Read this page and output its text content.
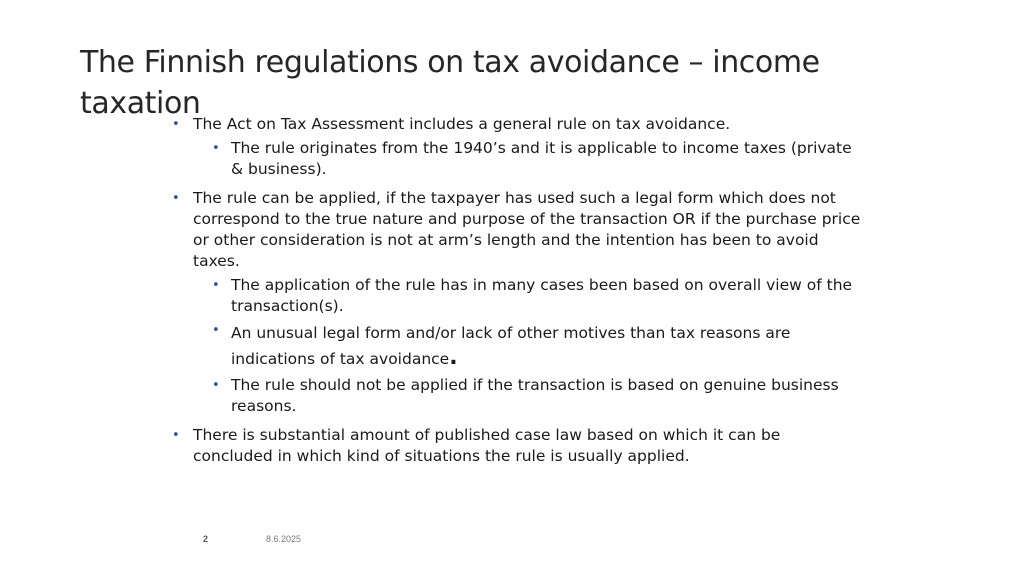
The Finnish regulations on tax avoidance – income taxation
• The Act on Tax Assessment includes a general rule on tax avoidance.
• The rule originates from the 1940’s and it is applicable to income taxes (private & business).
• The rule can be applied, if the taxpayer has used such a legal form which does not correspond to the true nature and purpose of the transaction OR if the purchase price or other consideration is not at arm’s length and the intention has been to avoid taxes.
• The application of the rule has in many cases been based on overall view of the transaction(s).
• An unusual legal form and/or lack of other motives than tax reasons are indications of tax avoidance.
• The rule should not be applied if the transaction is based on genuine business reasons.
• There is substantial amount of published case law based on which it can be concluded in which kind of situations the rule is usually applied.
2	8.6.2025
